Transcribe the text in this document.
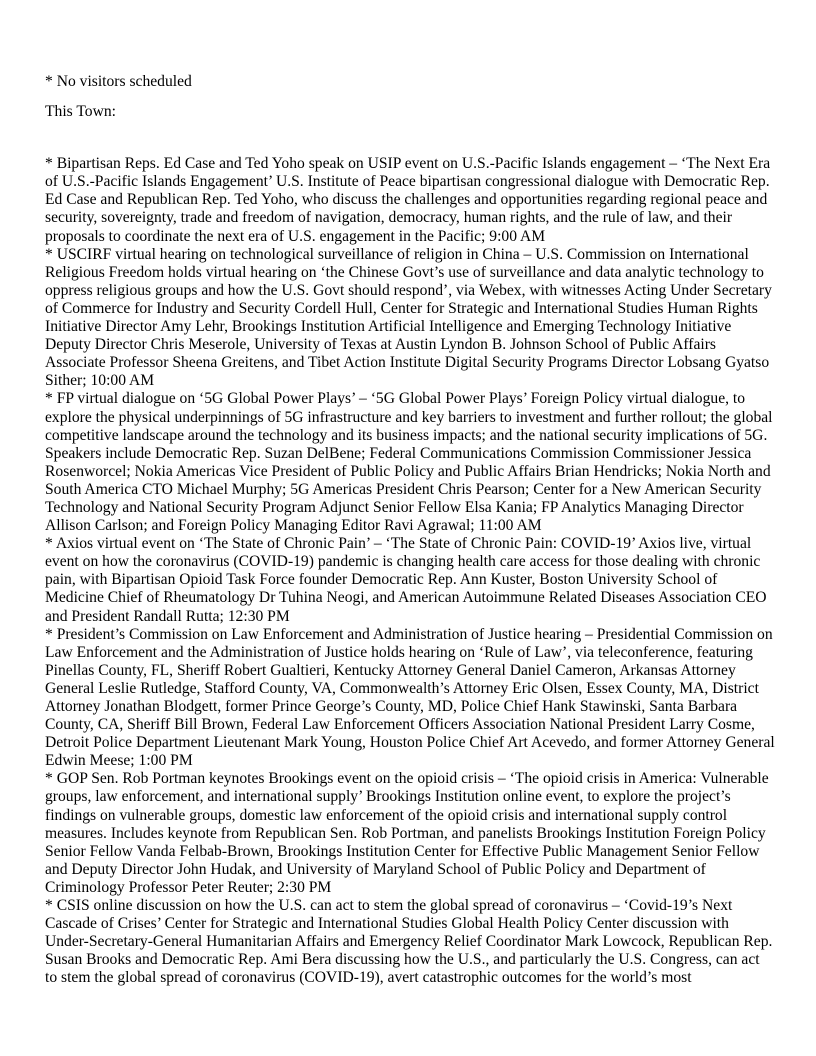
* No visitors scheduled

This Town:

* Bipartisan Reps. Ed Case and Ted Yoho speak on USIP event on U.S.-Pacific Islands engagement – ‘The Next Era of U.S.-Pacific Islands Engagement’ U.S. Institute of Peace bipartisan congressional dialogue with Democratic Rep. Ed Case and Republican Rep. Ted Yoho, who discuss the challenges and opportunities regarding regional peace and security, sovereignty, trade and freedom of navigation, democracy, human rights, and the rule of law, and their proposals to coordinate the next era of U.S. engagement in the Pacific; 9:00 AM

* USCIRF virtual hearing on technological surveillance of religion in China – U.S. Commission on International Religious Freedom holds virtual hearing on ‘the Chinese Govt’s use of surveillance and data analytic technology to oppress religious groups and how the U.S. Govt should respond’, via Webex, with witnesses Acting Under Secretary of Commerce for Industry and Security Cordell Hull, Center for Strategic and International Studies Human Rights Initiative Director Amy Lehr, Brookings Institution Artificial Intelligence and Emerging Technology Initiative Deputy Director Chris Meserole, University of Texas at Austin Lyndon B. Johnson School of Public Affairs Associate Professor Sheena Greitens, and Tibet Action Institute Digital Security Programs Director Lobsang Gyatso Sither; 10:00 AM

* FP virtual dialogue on ‘5G Global Power Plays’ – ‘5G Global Power Plays’ Foreign Policy virtual dialogue, to explore the physical underpinnings of 5G infrastructure and key barriers to investment and further rollout; the global competitive landscape around the technology and its business impacts; and the national security implications of 5G. Speakers include Democratic Rep. Suzan DelBene; Federal Communications Commission Commissioner Jessica Rosenworcel; Nokia Americas Vice President of Public Policy and Public Affairs Brian Hendricks; Nokia North and South America CTO Michael Murphy; 5G Americas President Chris Pearson; Center for a New American Security Technology and National Security Program Adjunct Senior Fellow Elsa Kania; FP Analytics Managing Director Allison Carlson; and Foreign Policy Managing Editor Ravi Agrawal; 11:00 AM

* Axios virtual event on ‘The State of Chronic Pain’ – ‘The State of Chronic Pain: COVID-19’ Axios live, virtual event on how the coronavirus (COVID-19) pandemic is changing health care access for those dealing with chronic pain, with Bipartisan Opioid Task Force founder Democratic Rep. Ann Kuster, Boston University School of Medicine Chief of Rheumatology Dr Tuhina Neogi, and American Autoimmune Related Diseases Association CEO and President Randall Rutta; 12:30 PM

* President’s Commission on Law Enforcement and Administration of Justice hearing – Presidential Commission on Law Enforcement and the Administration of Justice holds hearing on ‘Rule of Law’, via teleconference, featuring Pinellas County, FL, Sheriff Robert Gualtieri, Kentucky Attorney General Daniel Cameron, Arkansas Attorney General Leslie Rutledge, Stafford County, VA, Commonwealth’s Attorney Eric Olsen, Essex County, MA, District Attorney Jonathan Blodgett, former Prince George’s County, MD, Police Chief Hank Stawinski, Santa Barbara County, CA, Sheriff Bill Brown, Federal Law Enforcement Officers Association National President Larry Cosme, Detroit Police Department Lieutenant Mark Young, Houston Police Chief Art Acevedo, and former Attorney General Edwin Meese; 1:00 PM

* GOP Sen. Rob Portman keynotes Brookings event on the opioid crisis – ‘The opioid crisis in America: Vulnerable groups, law enforcement, and international supply’ Brookings Institution online event, to explore the project’s findings on vulnerable groups, domestic law enforcement of the opioid crisis and international supply control measures. Includes keynote from Republican Sen. Rob Portman, and panelists Brookings Institution Foreign Policy Senior Fellow Vanda Felbab-Brown, Brookings Institution Center for Effective Public Management Senior Fellow and Deputy Director John Hudak, and University of Maryland School of Public Policy and Department of Criminology Professor Peter Reuter; 2:30 PM

* CSIS online discussion on how the U.S. can act to stem the global spread of coronavirus – ‘Covid-19’s Next Cascade of Crises’ Center for Strategic and International Studies Global Health Policy Center discussion with Under-Secretary-General Humanitarian Affairs and Emergency Relief Coordinator Mark Lowcock, Republican Rep. Susan Brooks and Democratic Rep. Ami Bera discussing how the U.S., and particularly the U.S. Congress, can act to stem the global spread of coronavirus (COVID-19), avert catastrophic outcomes for the world’s most
